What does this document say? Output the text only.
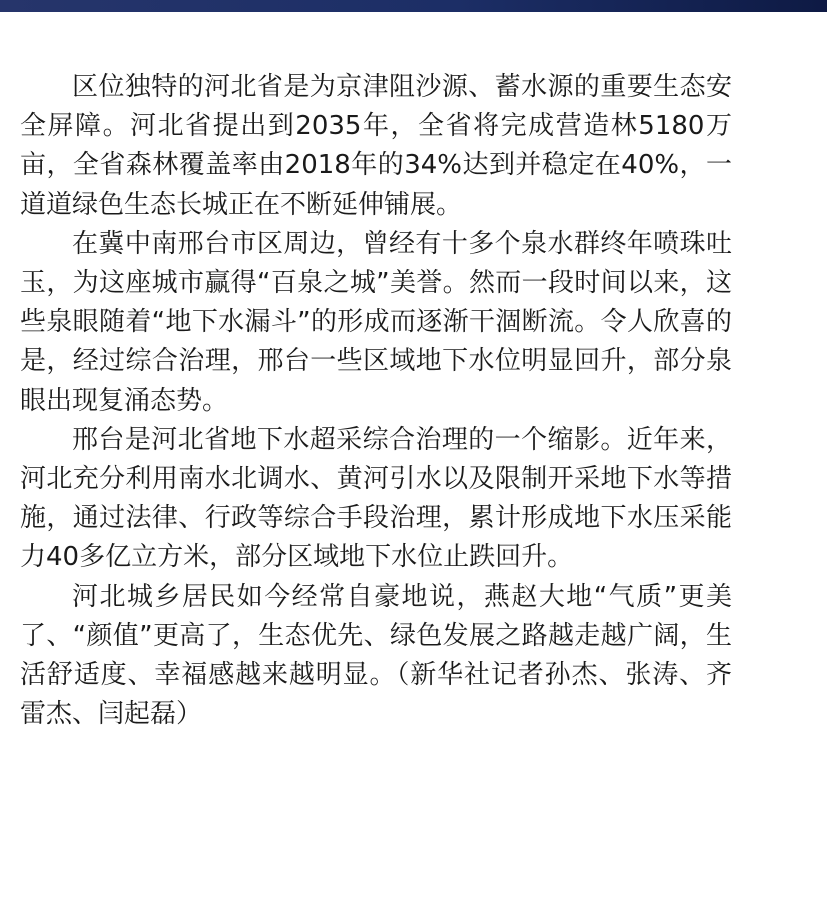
区位独特的河北省是为京津阻沙源、蓄水源的重要生态安全屏障。河北省提出到2035年，全省将完成营造林5180万亩，全省森林覆盖率由2018年的34%达到并稳定在40%，一道道绿色生态长城正在不断延伸铺展。

在冀中南邢台市区周边，曾经有十多个泉水群终年喷珠吐玉，为这座城市赢得“百泉之城”美誉。然而一段时间以来，这些泉眼随着“地下水漏斗”的形成而逐渐干涸断流。令人欣喜的是，经过综合治理，邢台一些区域地下水位明显回升，部分泉眼出现复涌态势。

邢台是河北省地下水超采综合治理的一个缩影。近年来，河北充分利用南水北调水、黄河引水以及限制开采地下水等措施，通过法律、行政等综合手段治理，累计形成地下水压采能力40多亿立方米，部分区域地下水位止跌回升。

河北城乡居民如今经常自豪地说，燕赵大地“气质”更美了、“颜值”更高了，生态优先、绿色发展之路越走越广阔，生活舒适度、幸福感越来越明显。（新华社记者孙杰、张涛、齐雷杰、闫起磊）
